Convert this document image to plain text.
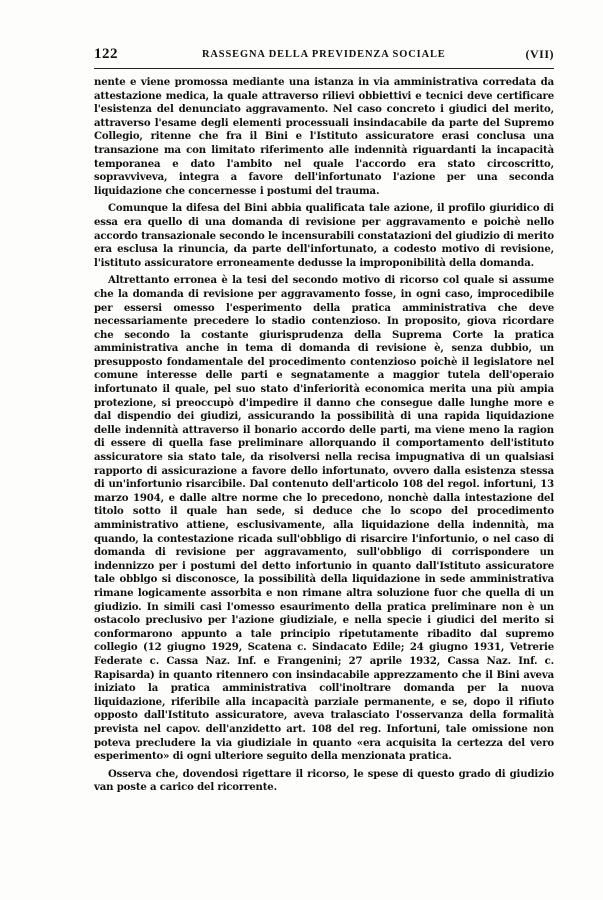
122	RASSEGNA DELLA PREVIDENZA SOCIALE	(VII)

nente e viene promossa mediante una istanza in via amministrativa corredata da attestazione medica, la quale attraverso rilievi obbiettivi e tecnici deve certificare l'esistenza del denunciato aggravamento. Nel caso concreto i giudici del merito, attraverso l'esame degli elementi processuali insindacabile da parte del Supremo Collegio, ritenne che fra il Bini e l'Istituto assicuratore erasi conclusa una transazione ma con limitato riferimento alle indennità riguardanti la incapacità temporanea e dato l'ambito nel quale l'accordo era stato circoscritto, sopravviveva, integra a favore dell'infortunato l'azione per una seconda liquidazione che concernesse i postumi del trauma.

Comunque la difesa del Bini abbia qualificata tale azione, il profilo giuridico di essa era quello di una domanda di revisione per aggravamento e poichè nello accordo transazionale secondo le incensurabili constatazioni del giudizio di merito era esclusa la rinuncia, da parte dell'infortunato, a codesto motivo di revisione, l'istituto assicuratore erroneamente dedusse la improponibilità della domanda.

Altrettanto erronea è la tesi del secondo motivo di ricorso col quale si assume che la domanda di revisione per aggravamento fosse, in ogni caso, improcedibile per essersi omesso l'esperimento della pratica amministrativa che deve necessariamente precedere lo stadio contenzioso. In proposito, giova ricordare che secondo la costante giurisprudenza della Suprema Corte la pratica amministrativa anche in tema di domanda di revisione è, senza dubbio, un presupposto fondamentale del procedimento contenzioso poichè il legislatore nel comune interesse delle parti e segnatamente a maggior tutela dell'operaio infortunato il quale, pel suo stato d'inferiorità economica merita una più ampia protezione, si preoccupò d'impedire il danno che consegue dalle lunghe more e dal dispendio dei giudizi, assicurando la possibilità di una rapida liquidazione delle indennità attraverso il bonario accordo delle parti, ma viene meno la ragion di essere di quella fase preliminare allorquando il comportamento dell'istituto assicuratore sia stato tale, da risolversi nella recisa impugnativa di un qualsiasi rapporto di assicurazione a favore dello infortunato, ovvero dalla esistenza stessa di un'infortunio risarcibile. Dal contenuto dell'articolo 108 del regol. infortuni, 13 marzo 1904, e dalle altre norme che lo precedono, nonchè dalla intestazione del titolo sotto il quale han sede, si deduce che lo scopo del procedimento amministrativo attiene, esclusivamente, alla liquidazione della indennità, ma quando, la contestazione ricada sull'obbligo di risarcire l'infortunio, o nel caso di domanda di revisione per aggravamento, sull'obbligo di corrispondere un indennizzo per i postumi del detto infortunio in quanto dall'Istituto assicuratore tale obblgo si disconosce, la possibilità della liquidazione in sede amministrativa rimane logicamente assorbita e non rimane altra soluzione fuor che quella di un giudizio. In simili casi l'omesso esaurimento della pratica preliminare non è un ostacolo preclusivo per l'azione giudiziale, e nella specie i giudici del merito si conformarono appunto a tale principio ripetutamente ribadito dal supremo collegio (12 giugno 1929, Scatena c. Sindacato Edile; 24 giugno 1931, Vetrerie Federate c. Cassa Naz. Inf. e Frangenini; 27 aprile 1932, Cassa Naz. Inf. c. Rapisarda) in quanto ritennero con insindacabile apprezzamento che il Bini aveva iniziato la pratica amministrativa coll'inoltrare domanda per la nuova liquidazione, riferibile alla incapacità parziale permanente, e se, dopo il rifiuto opposto dall'Istituto assicuratore, aveva tralasciato l'osservanza della formalità prevista nel capov. dell'anzidetto art. 108 del reg. Infortuni, tale omissione non poteva precludere la via giudiziale in quanto «era acquisita la certezza del vero esperimento» di ogni ulteriore seguito della menzionata pratica.

Osserva che, dovendosi rigettare il ricorso, le spese di questo grado di giudizio van poste a carico del ricorrente.
